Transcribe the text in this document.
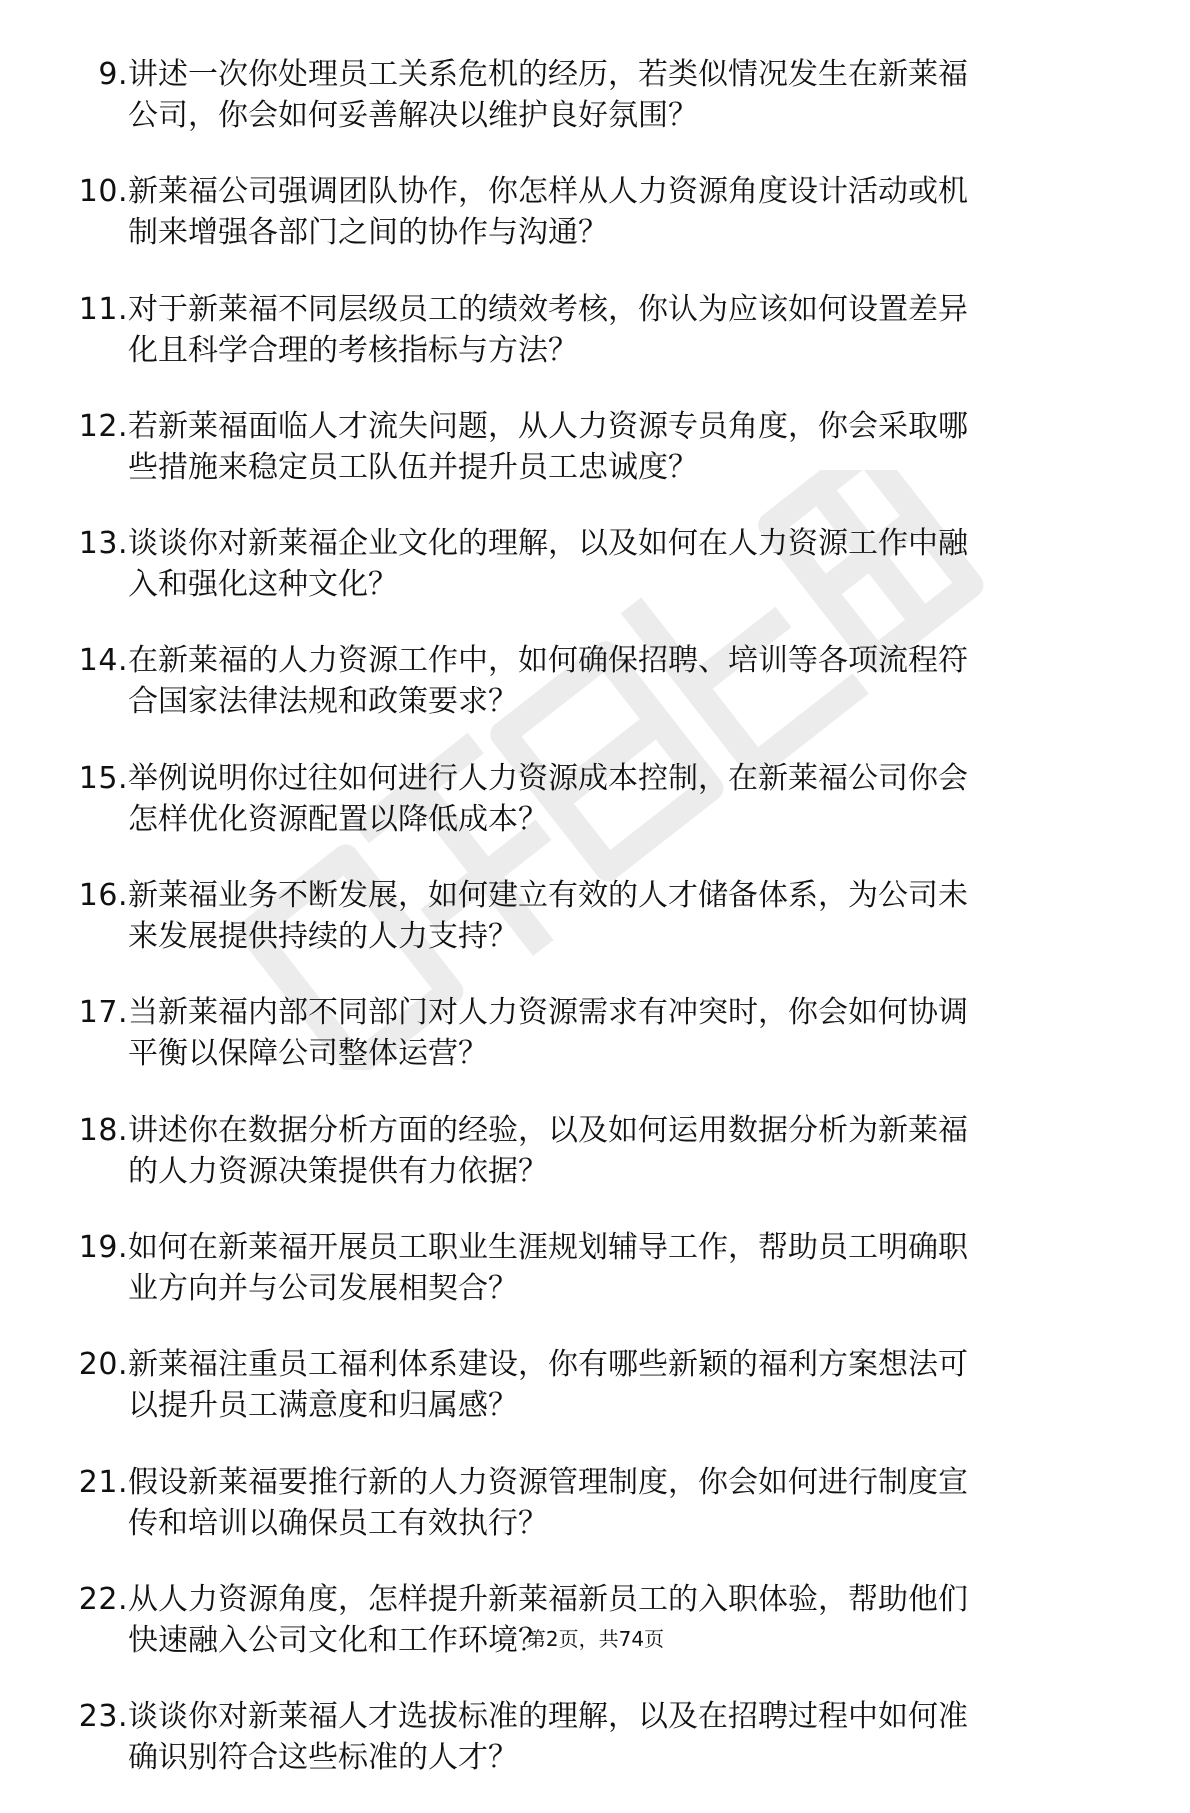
9. 讲述一次你处理员工关系危机的经历，若类似情况发生在新莱福
公司，你会如何妥善解决以维护良好氛围？
10. 新莱福公司强调团队协作，你怎样从人力资源角度设计活动或机
制来增强各部门之间的协作与沟通？
11. 对于新莱福不同层级员工的绩效考核，你认为应该如何设置差异
化且科学合理的考核指标与方法？
12. 若新莱福面临人才流失问题，从人力资源专员角度，你会采取哪
些措施来稳定员工队伍并提升员工忠诚度？
13. 谈谈你对新莱福企业文化的理解，以及如何在人力资源工作中融
入和强化这种文化？
14. 在新莱福的人力资源工作中，如何确保招聘、培训等各项流程符
合国家法律法规和政策要求？
15. 举例说明你过往如何进行人力资源成本控制，在新莱福公司你会
怎样优化资源配置以降低成本？
16. 新莱福业务不断发展，如何建立有效的人才储备体系，为公司未
来发展提供持续的人力支持？
17. 当新莱福内部不同部门对人力资源需求有冲突时，你会如何协调
平衡以保障公司整体运营？
18. 讲述你在数据分析方面的经验，以及如何运用数据分析为新莱福
的人力资源决策提供有力依据？
19. 如何在新莱福开展员工职业生涯规划辅导工作，帮助员工明确职
业方向并与公司发展相契合？
20. 新莱福注重员工福利体系建设，你有哪些新颖的福利方案想法可
以提升员工满意度和归属感？
21. 假设新莱福要推行新的人力资源管理制度，你会如何进行制度宣
传和培训以确保员工有效执行？
22. 从人力资源角度，怎样提升新莱福新员工的入职体验，帮助他们
快速融入公司文化和工作环境？
23. 谈谈你对新莱福人才选拔标准的理解，以及在招聘过程中如何准
确识别符合这些标准的人才？
第2页，共74页
